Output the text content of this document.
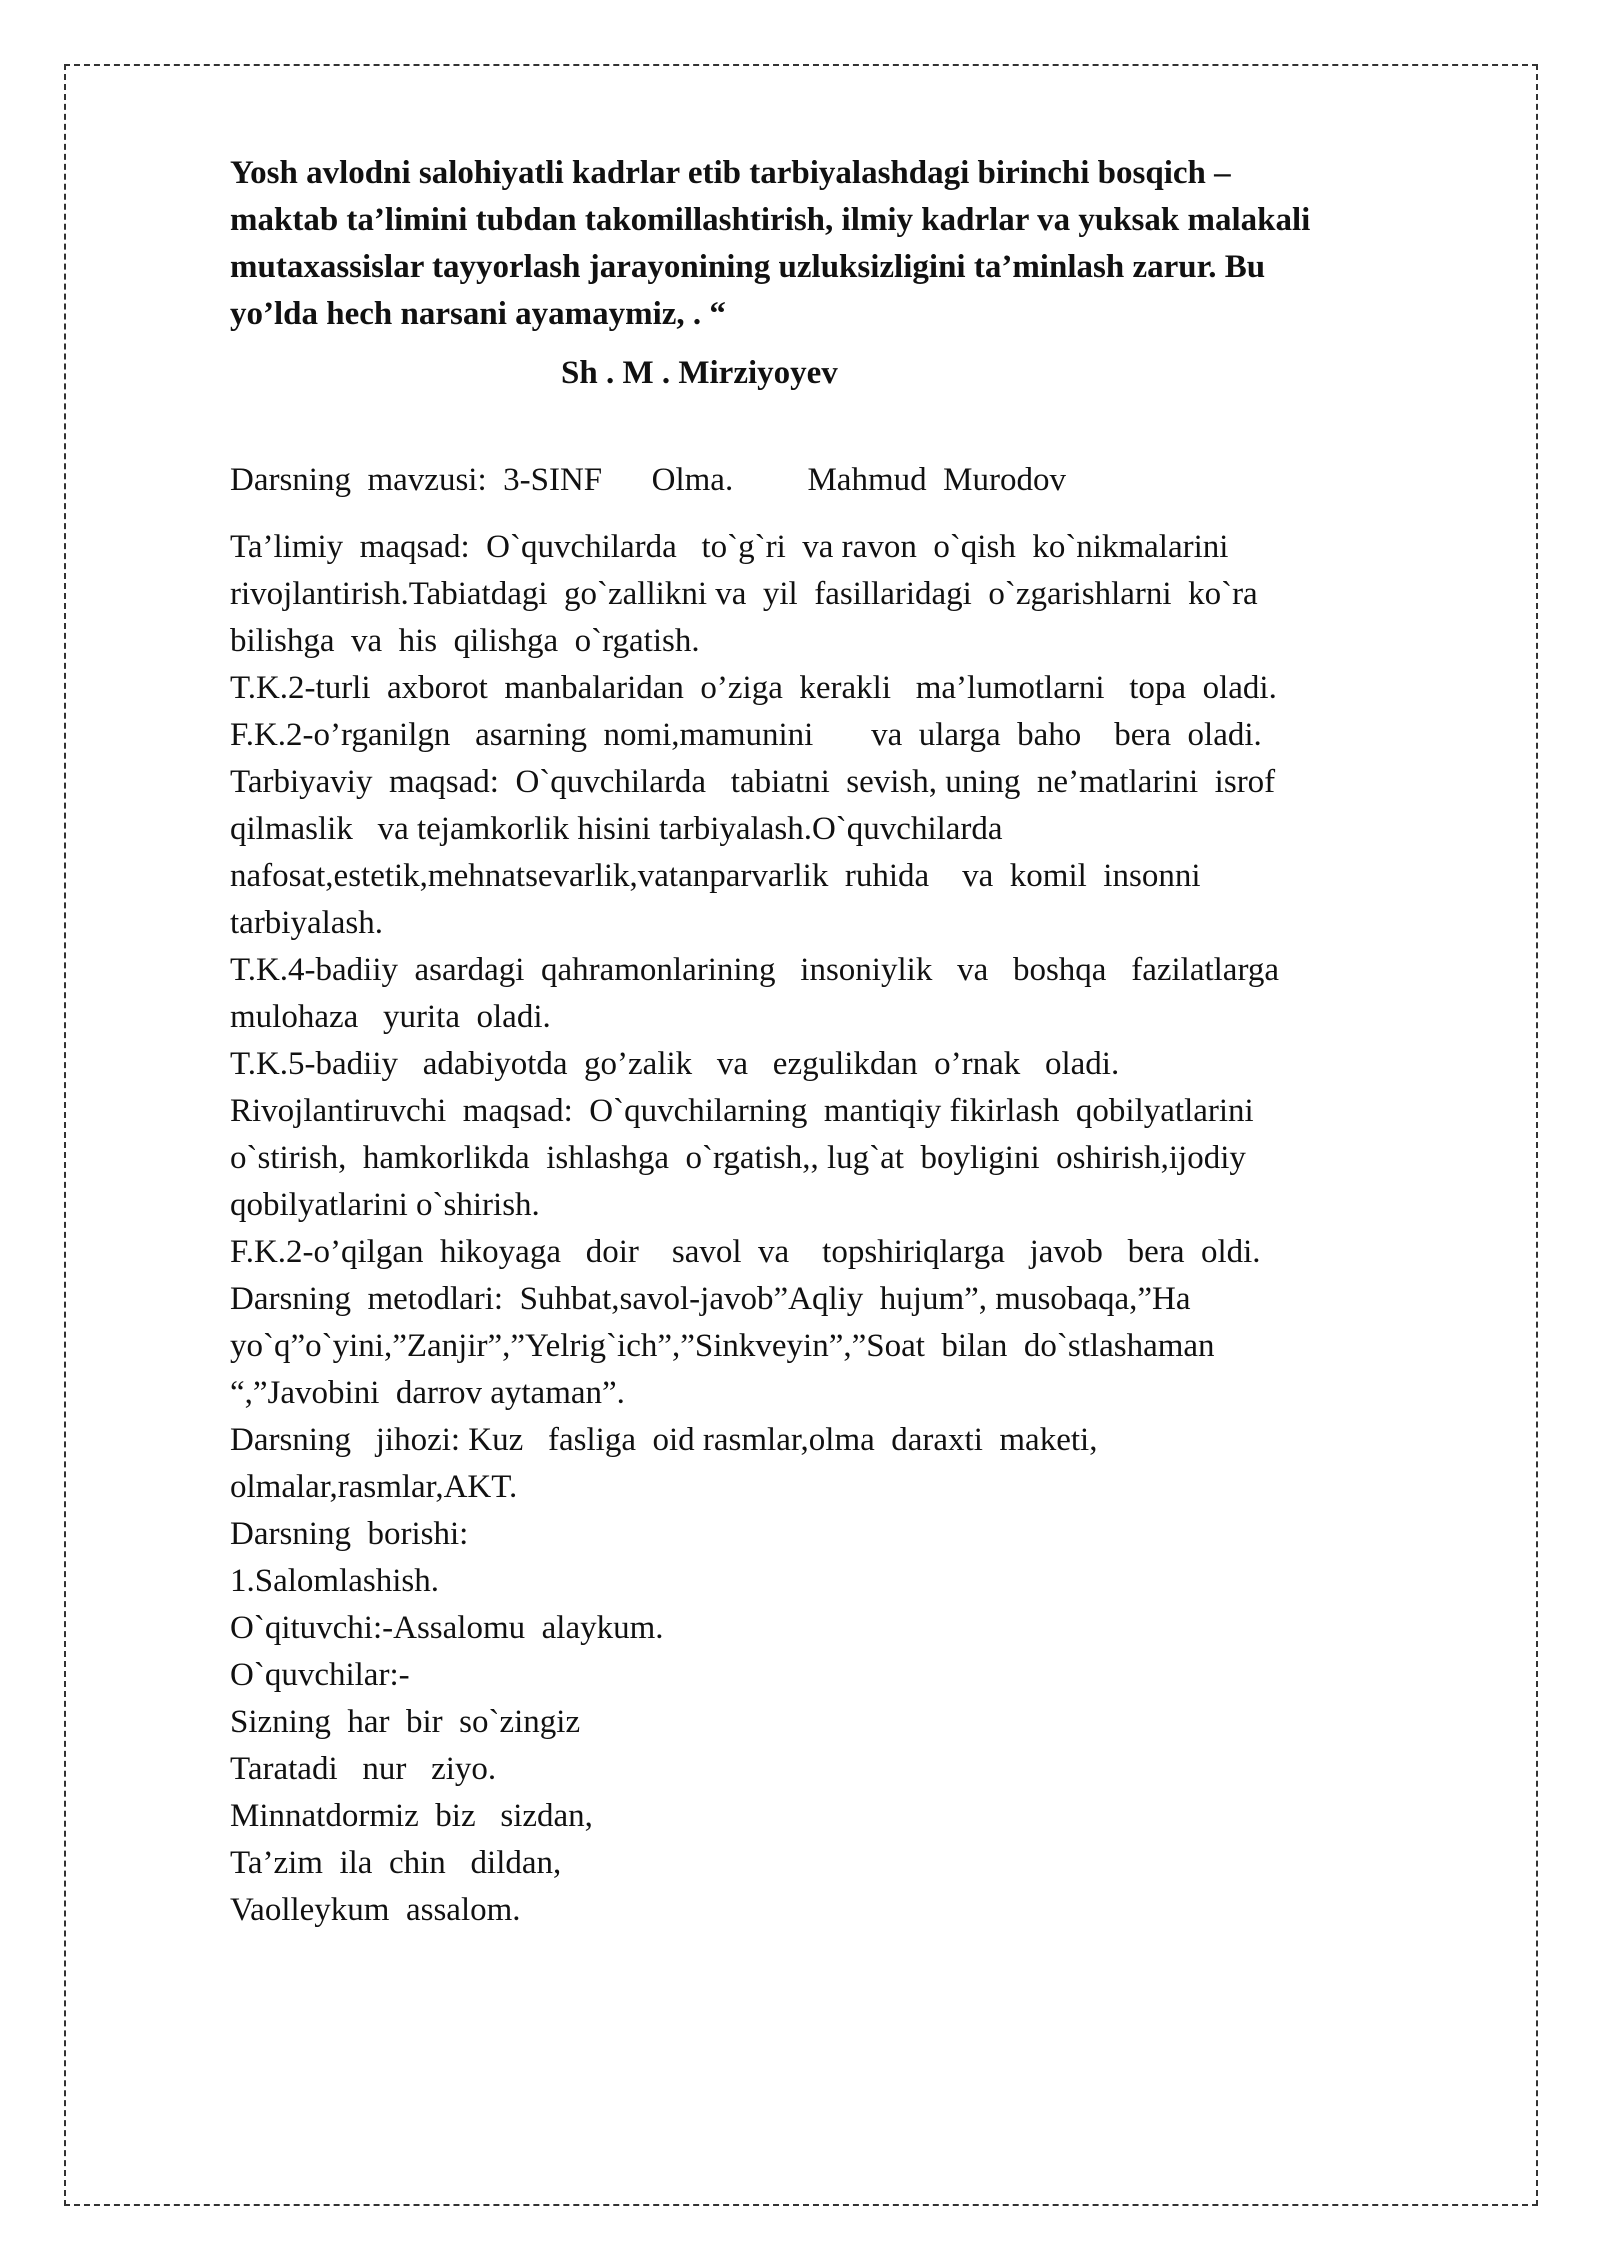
Yosh avlodni salohiyatli kadrlar etib tarbiyalashdagi birinchi bosqich –

maktab ta’limini tubdan takomillashtirish, ilmiy kadrlar va yuksak malakali

mutaxassislar tayyorlash jarayonining uzluksizligini ta’minlash zarur. Bu

yo’lda hech narsani ayamaymiz, . “

Sh . M . Mirziyoyev

Darsning  mavzusi:  3-SINF Olma. Mahmud  Murodov

Ta’limiy  maqsad:  O`quvchilarda   to`g`ri  va ravon  o`qish  ko`nikmalarini

rivojlantirish.Tabiatdagi  go`zallikni va  yil  fasillaridagi  o`zgarishlarni  ko`ra

bilishga  va  his  qilishga  o`rgatish.

T.K.2-turli  axborot  manbalaridan  o’ziga  kerakli   ma’lumotlarni   topa  oladi.

F.K.2-o’rganilgn   asarning  nomi,mamunini       va  ularga  baho    bera  oladi.

Tarbiyaviy  maqsad:  O`quvchilarda   tabiatni  sevish, uning  ne’matlarini  isrof

qilmaslik   va tejamkorlik hisini tarbiyalash.O`quvchilarda

nafosat,estetik,mehnatsevarlik,vatanparvarlik  ruhida    va  komil  insonni

tarbiyalash.

T.K.4-badiiy  asardagi  qahramonlarining   insoniylik   va   boshqa   fazilatlarga

mulohaza   yurita  oladi.

T.K.5-badiiy   adabiyotda  go’zalik   va   ezgulikdan  o’rnak   oladi.

Rivojlantiruvchi  maqsad:  O`quvchilarning  mantiqiy fikirlash  qobilyatlarini

o`stirish,  hamkorlikda  ishlashga  o`rgatish,, lug`at  boyligini  oshirish,ijodiy

qobilyatlarini o`shirish.

F.K.2-o’qilgan  hikoyaga   doir    savol  va    topshiriqlarga   javob   bera  oldi.

Darsning  metodlari:  Suhbat,savol-javob”Aqliy  hujum”, musobaqa,”Ha

yo`q”o`yini,”Zanjir”,”Yelrig`ich”,”Sinkveyin”,”Soat  bilan  do`stlashaman

“,”Javobini  darrov aytaman”.

Darsning   jihozi: Kuz   fasliga  oid rasmlar,olma  daraxti  maketi,

olmalar,rasmlar,AKT.

Darsning  borishi:

1.Salomlashish.

O`qituvchi:-Assalomu  alaykum.

O`quvchilar:-

Sizning  har  bir  so`zingiz

Taratadi   nur   ziyo.

Minnatdormiz  biz   sizdan,

Ta’zim  ila  chin   dildan,

Vaolleykum  assalom.
